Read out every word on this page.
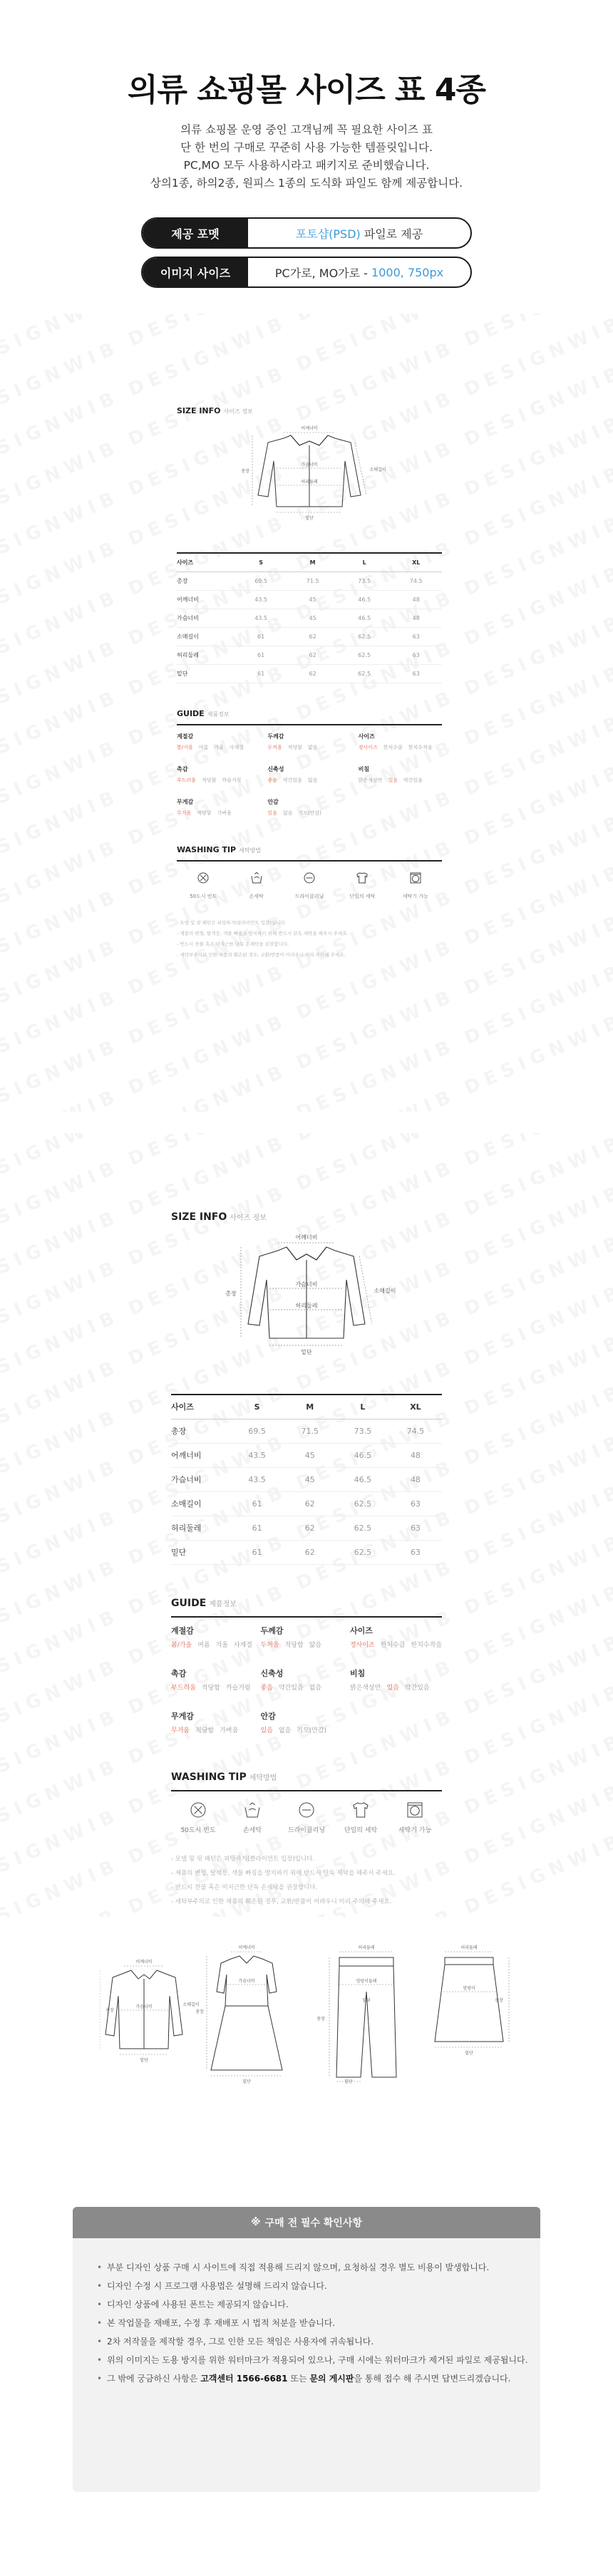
의류 쇼핑몰 사이즈 표 4종
의류 쇼핑몰 운영 중인 고객님께 꼭 필요한 사이즈 표
단 한 번의 구매로 꾸준히 사용 가능한 템플릿입니다.
PC,MO 모두 사용하시라고 패키지로 준비했습니다.
상의1종, 하의2종, 원피스 1종의 도식화 파일도 함께 제공합니다.
제공 포멧	포토샵(PSD) 파일로 제공
이미지 사이즈	PC가로, MO가로 - 1000, 750px
SIZE INFO 사이즈 정보
어깨너비
가슴너비
허리둘레
밑단
총장	소매길이
사이즈	S	M	L	XL
총장	69.5	71.5	73.5	74.5
어깨너비	43.5	45	46.5	48
가슴너비	43.5	45	46.5	48
소매길이	61	62	62.5	63
허리둘레	61	62	62.5	63
밑단	61	62	62.5	63
GUIDE 제품정보
계절감
봄/가을 여름 겨울 사계절
두께감
두꺼움 적당함 얇음
사이즈
정사이즈 한치수큼 한치수작음
촉감
부드러움 적당함 까슬거림
신축성
좋음 약간있음 없음
비침
밝은색상만 있음 약간있음
무게감
무거움 적당함 가벼움
안감
있음 없음 기모(안감)
WASHING TIP 세탁방법
50도시 빈도	손세탁	드라이클리닝	단일의 세탁	세탁기 가능
- 모델 및 핏 패턴은 피팅하기(클라이언트 입장)입니다.
- 제품의 변형, 탈색등, 색물 빠짐을 방지하기 위해 반드시 단독 세탁을 해주시 주세요.
- 반드시 찬물 혹은 미지근한 단독 손세탁을 권장합니다.
- 세탁부주의로 인한 제품의 훼손된 경우, 교환/반품이 어려우니 미리 주의해 주세요.
SIZE INFO 사이즈 정보
어깨너비
가슴너비
허리둘레
밑단
총장	소매길이
사이즈	S	M	L	XL
총장	69.5	71.5	73.5	74.5
어깨너비	43.5	45	46.5	48
가슴너비	43.5	45	46.5	48
소매길이	61	62	62.5	63
허리둘레	61	62	62.5	63
밑단	61	62	62.5	63
GUIDE 제품정보
계절감
봄/가을 여름 겨울 사계절
두께감
두꺼움 적당함 얇음
사이즈
정사이즈 한치수큼 한치수작음
촉감
부드러움 적당함 까슬거림
신축성
좋음 약간있음 없음
비침
밝은색상만 있음 약간있음
무게감
무거움 적당함 가벼움
안감
있음 없음 기모(안감)
WASHING TIP 세탁방법
50도시 빈도	손세탁	드라이클리닝	단일의 세탁	세탁기 가능
- 모델 및 핏 패턴은 피팅하기(클라이언트 입장)입니다.
- 제품의 변형, 탈색등, 색물 빠짐을 방지하기 위해 반드시 단독 세탁을 해주시 주세요.
- 반드시 찬물 혹은 미지근한 단독 손세탁을 권장합니다.
- 세탁부주의로 인한 제품의 훼손된 경우, 교환/반품이 어려우니 미리 주의해 주세요.
어깨너비
가슴너비
총장
밑단
소매길이
어깨너비
가슴너비
총장
밑단
허리둘레
엉덩이둘레
밑위
총장
밑단
허리둘레
엉덩이
총장
밑단
※ 구매 전 필수 확인사항
• 부분 디자인 상품 구매 시 사이트에 직접 적용해 드리지 않으며, 요청하실 경우 별도 비용이 발생합니다.
• 디자인 수정 시 프로그램 사용법은 설명해 드리지 않습니다.
• 디자인 상품에 사용된 폰트는 제공되지 않습니다.
• 본 작업물을 재배포, 수정 후 재배포 시 법적 처분을 받습니다.
• 2차 저작물을 제작할 경우, 그로 인한 모든 책임은 사용자에 귀속됩니다.
• 위의 이미지는 도용 방지를 위한 워터마크가 적용되어 있으나, 구매 시에는 워터마크가 제거된 파일로 제공됩니다.
• 그 밖에 궁금하신 사항은 고객센터 1566-6681 또는 문의 게시판을 통해 접수 해 주시면 답변드리겠습니다.
